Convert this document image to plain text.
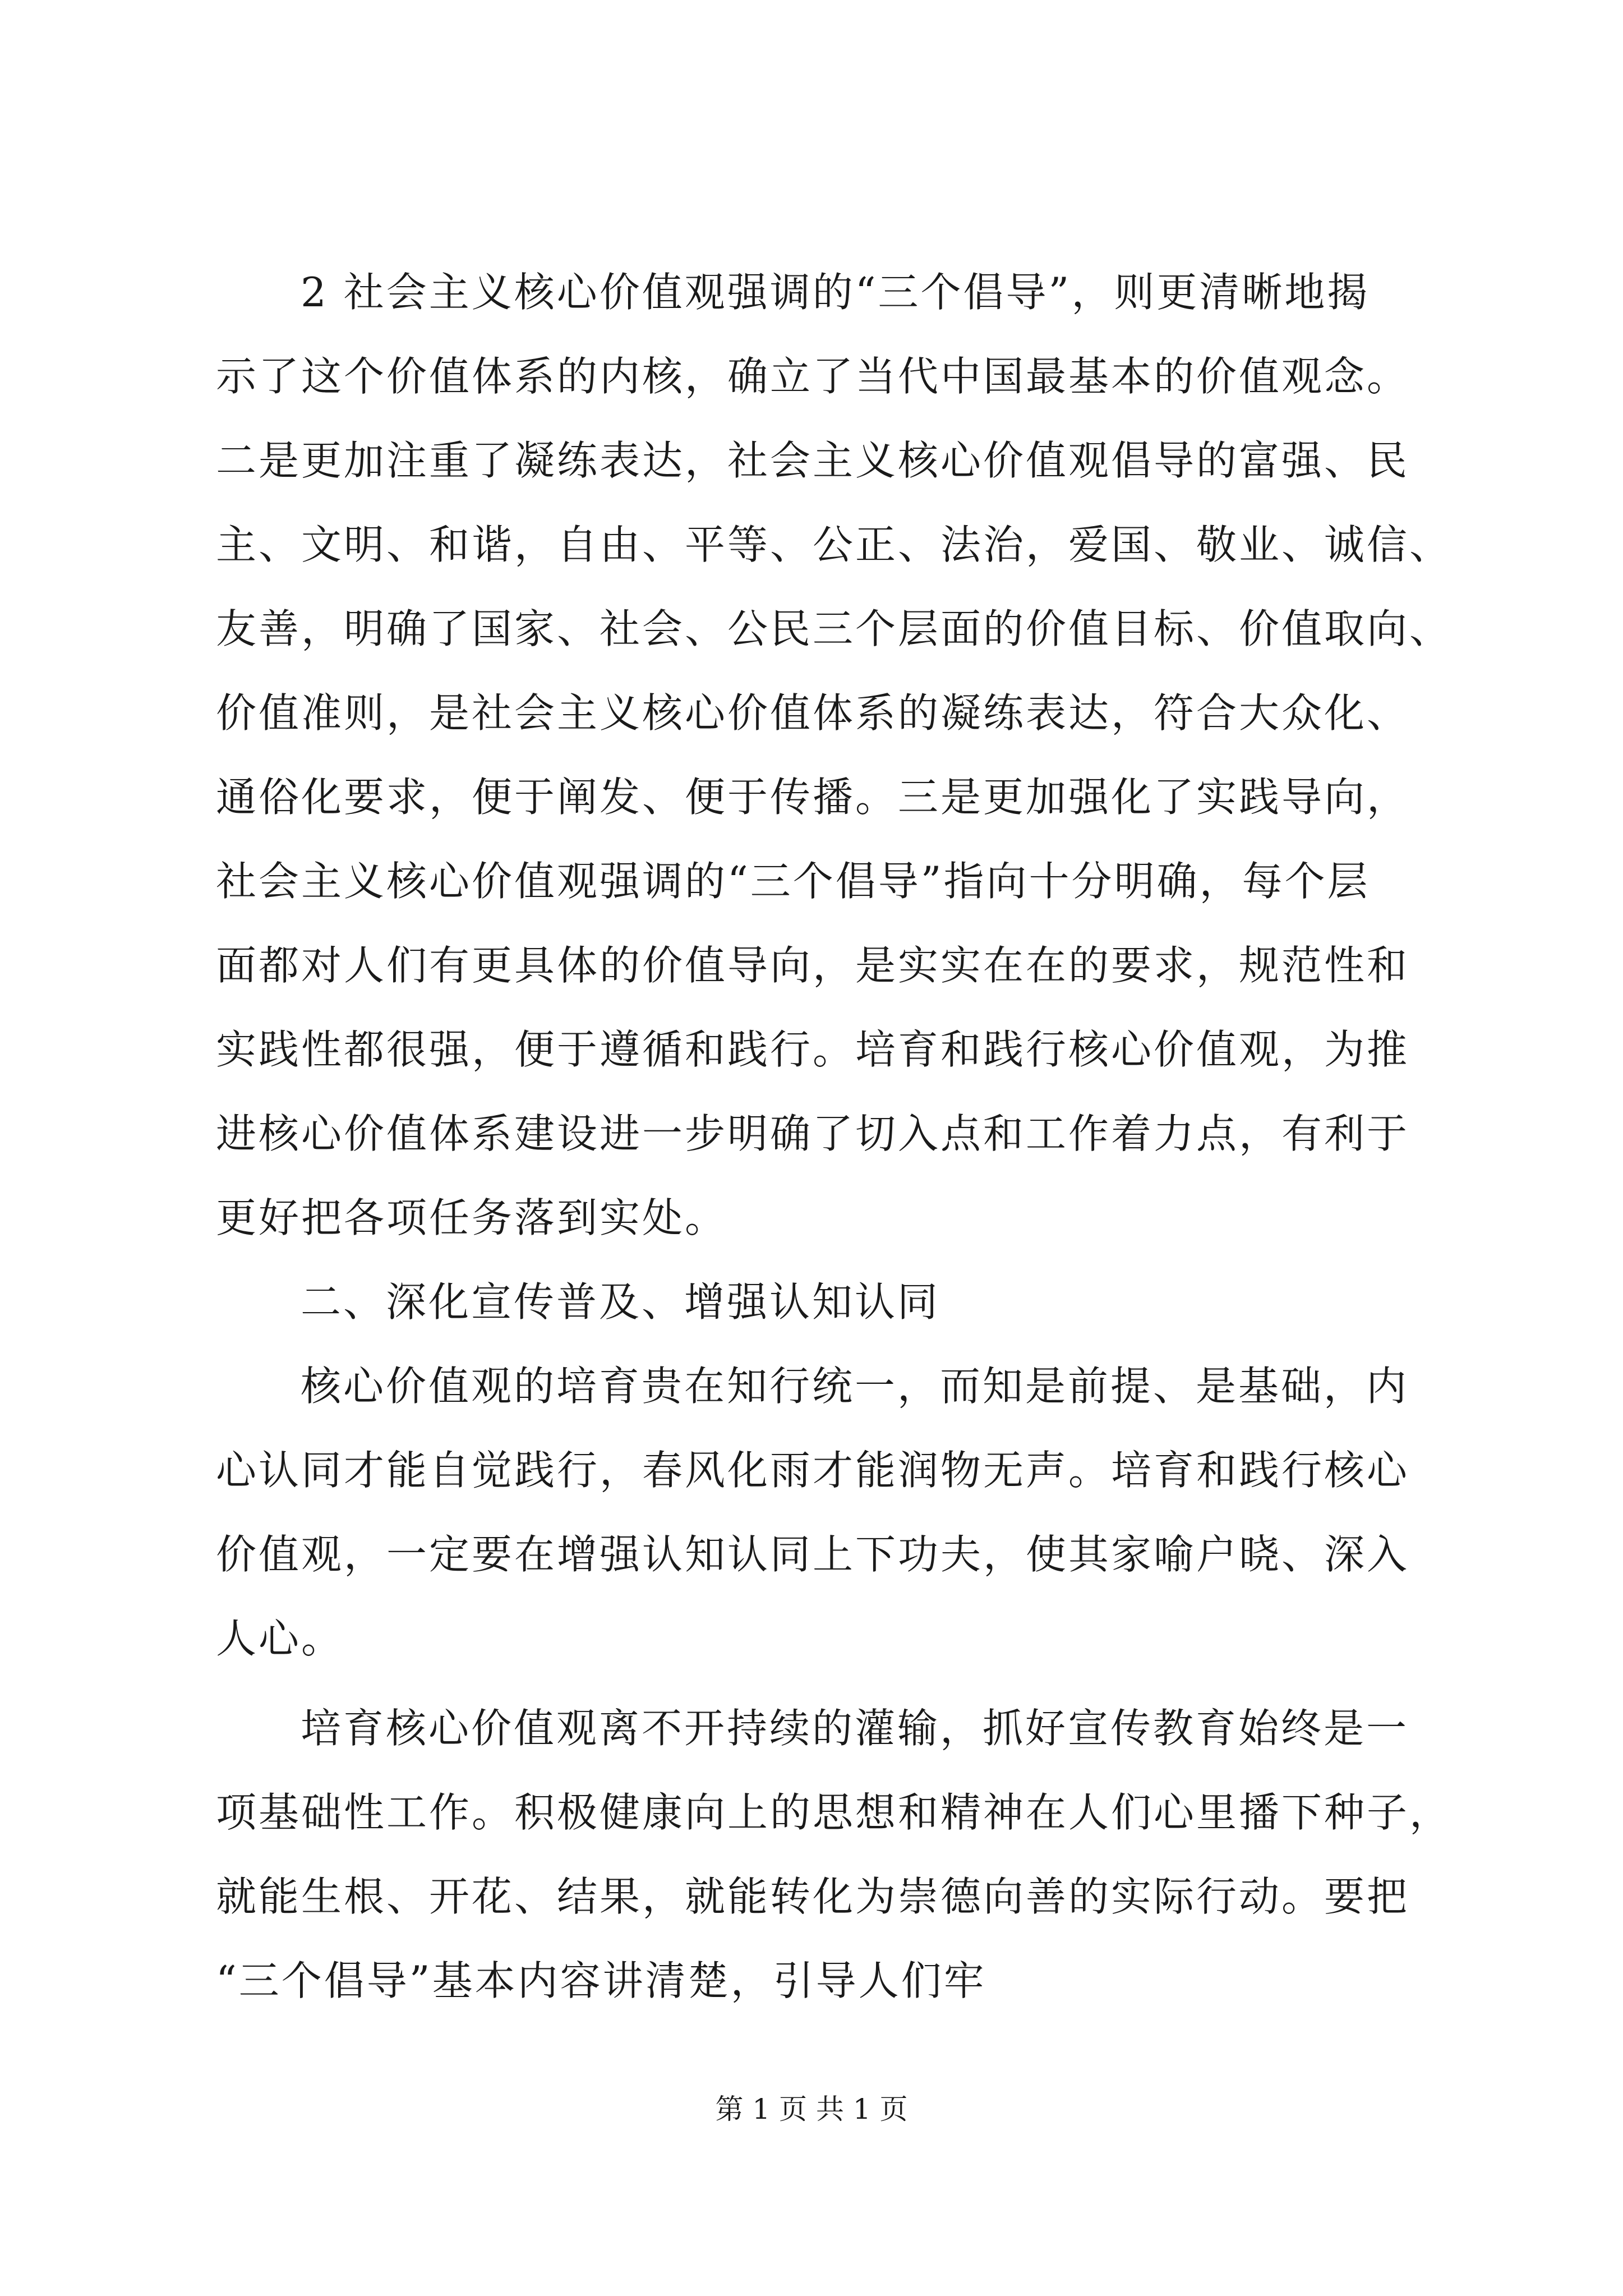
2 社会主义核心价值观强调的“三个倡导”，则更清晰地揭
示了这个价值体系的内核，确立了当代中国最基本的价值观念。
二是更加注重了凝练表达，社会主义核心价值观倡导的富强、民
主、文明、和谐，自由、平等、公正、法治，爱国、敬业、诚信、
友善，明确了国家、社会、公民三个层面的价值目标、价值取向、
价值准则，是社会主义核心价值体系的凝练表达，符合大众化、
通俗化要求，便于阐发、便于传播。三是更加强化了实践导向，
社会主义核心价值观强调的“三个倡导”指向十分明确，每个层
面都对人们有更具体的价值导向，是实实在在的要求，规范性和
实践性都很强，便于遵循和践行。培育和践行核心价值观，为推
进核心价值体系建设进一步明确了切入点和工作着力点，有利于
更好把各项任务落到实处。
二、深化宣传普及、增强认知认同
核心价值观的培育贵在知行统一，而知是前提、是基础，内
心认同才能自觉践行，春风化雨才能润物无声。培育和践行核心
价值观，一定要在增强认知认同上下功夫，使其家喻户晓、深入
人心。
培育核心价值观离不开持续的灌输，抓好宣传教育始终是一
项基础性工作。积极健康向上的思想和精神在人们心里播下种子，
就能生根、开花、结果，就能转化为崇德向善的实际行动。要把
“三个倡导”基本内容讲清楚，引导人们牢
第 1 页 共 1 页
